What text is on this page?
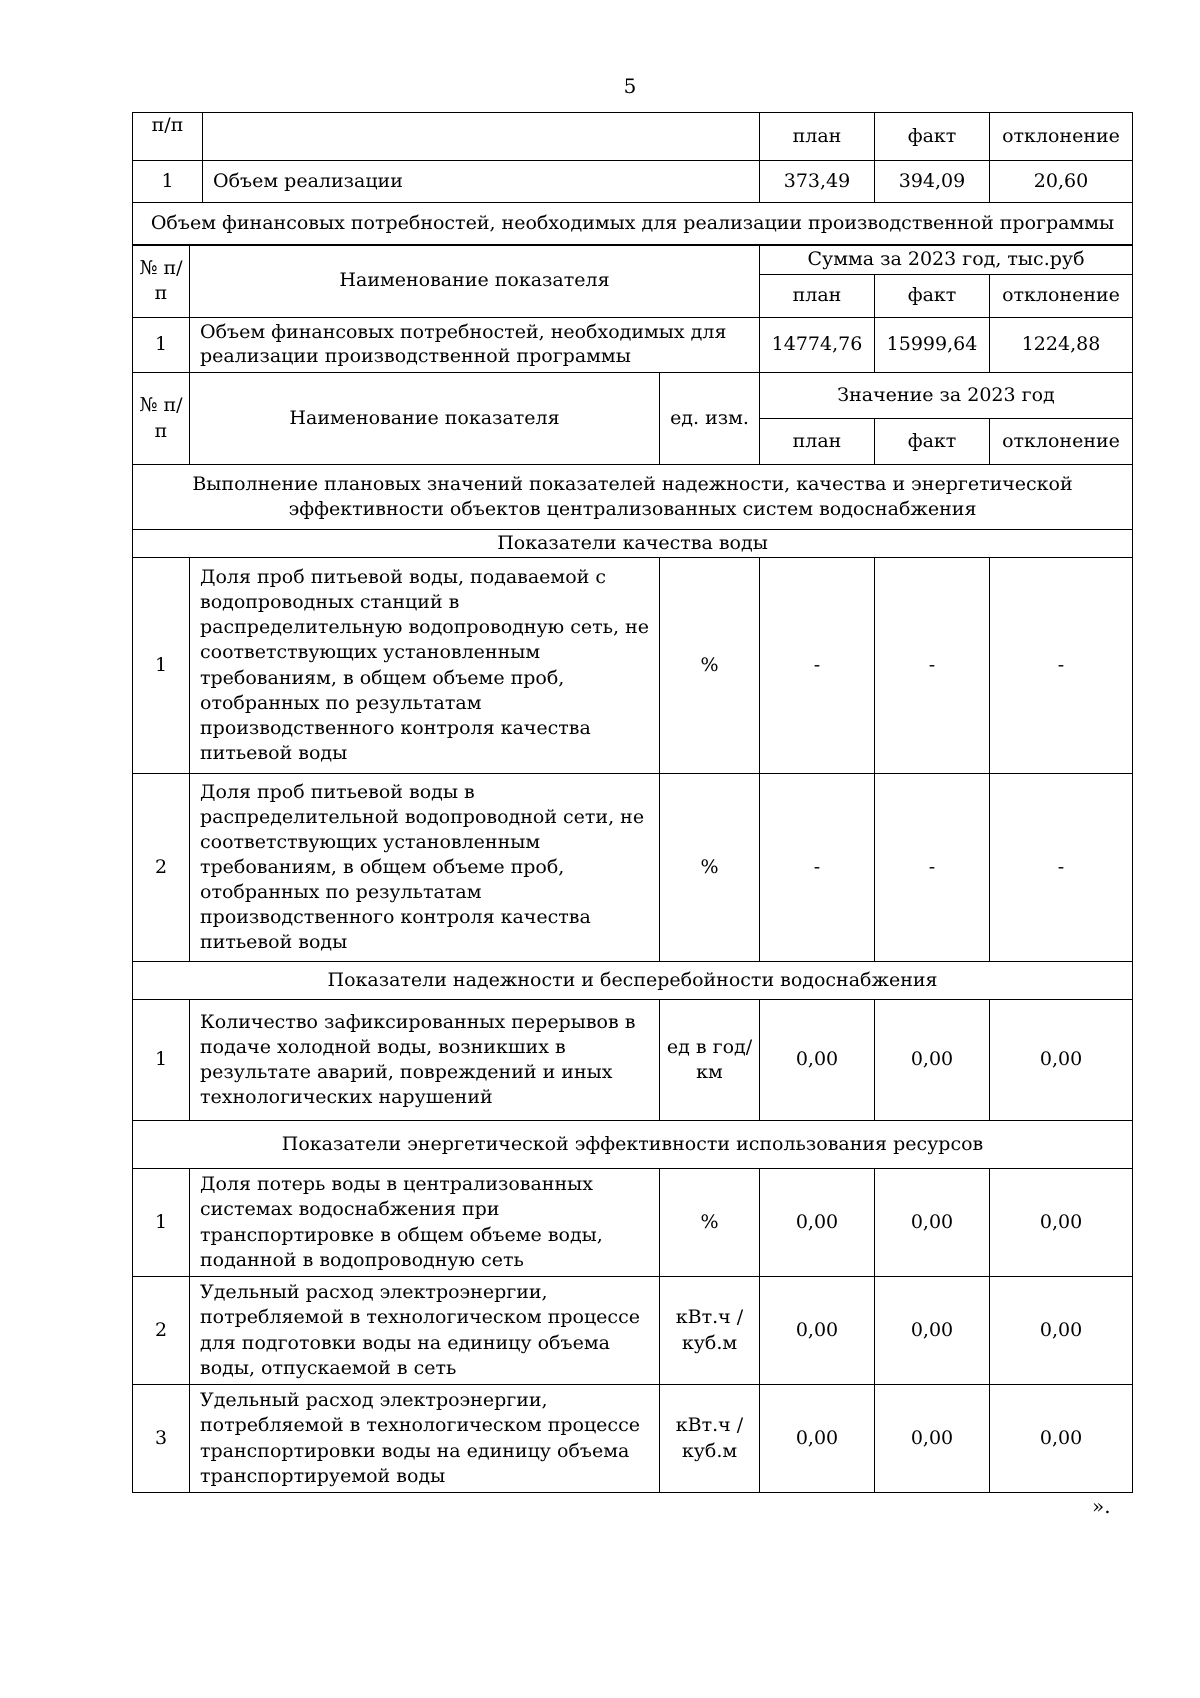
5
п/п		план	факт	отклонение
1	Объем реализации	373,49	394,09	20,60
Объем финансовых потребностей, необходимых для реализации производственной программы				
№ п/п	Наименование показателя	Сумма за 2023 год, тыс.руб		
		план	факт	отклонение
1	Объем финансовых потребностей, необходимых для реализации производственной программы	14774,76	15999,64	1224,88
№ п/п	Наименование показателя	ед. изм.	Значение за 2023 год		
			план	факт	отклонение
Выполнение плановых значений показателей надежности, качества и энергетической эффективности объектов централизованных систем водоснабжения					
Показатели качества воды					
1	Доля проб питьевой воды, подаваемой с водопроводных станций в распределительную водопроводную сеть, не соответствующих установленным требованиям, в общем объеме проб, отобранных по результатам производственного контроля качества питьевой воды	%	-	-	-
2	Доля проб питьевой воды в распределительной водопроводной сети, не соответствующих установленным требованиям, в общем объеме проб, отобранных по результатам производственного контроля качества питьевой воды	%	-	-	-
Показатели надежности и бесперебойности водоснабжения					
1	Количество зафиксированных перерывов в подаче холодной воды, возникших в результате аварий, повреждений и иных технологических нарушений	ед в год/ км	0,00	0,00	0,00
Показатели энергетической эффективности использования ресурсов					
1	Доля потерь воды в централизованных системах водоснабжения при транспортировке в общем объеме воды, поданной в водопроводную сеть	%	0,00	0,00	0,00
2	Удельный расход электроэнергии, потребляемой в технологическом процессе для подготовки воды на единицу объема воды, отпускаемой в сеть	кВт.ч / куб.м	0,00	0,00	0,00
3	Удельный расход электроэнергии, потребляемой в технологическом процессе транспортировки воды на единицу объема транспортируемой воды	кВт.ч / куб.м	0,00	0,00	0,00
».
